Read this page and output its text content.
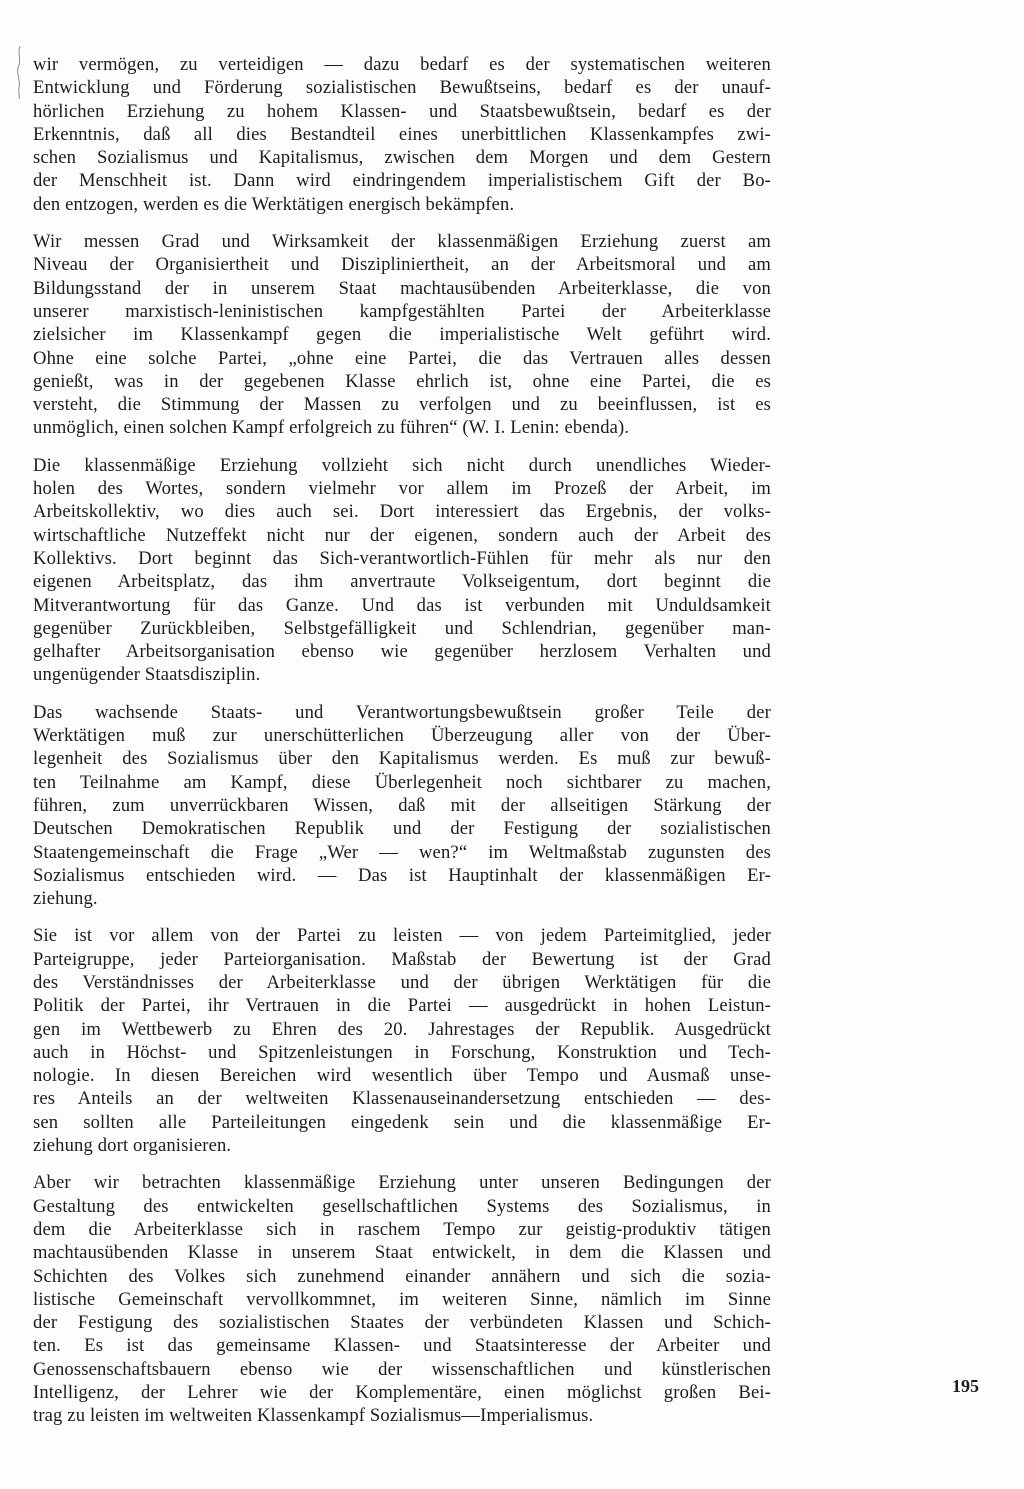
wir vermögen, zu verteidigen — dazu bedarf es der systematischen weiteren
Entwicklung und Förderung sozialistischen Bewußtseins, bedarf es der unauf-
hörlichen Erziehung zu hohem Klassen- und Staatsbewußtsein, bedarf es der
Erkenntnis, daß all dies Bestandteil eines unerbittlichen Klassenkampfes zwi-
schen Sozialismus und Kapitalismus, zwischen dem Morgen und dem Gestern
der Menschheit ist. Dann wird eindringendem imperialistischem Gift der Bo-
den entzogen, werden es die Werktätigen energisch bekämpfen.
Wir messen Grad und Wirksamkeit der klassenmäßigen Erziehung zuerst am
Niveau der Organisiertheit und Diszipliniertheit, an der Arbeitsmoral und am
Bildungsstand der in unserem Staat machtausübenden Arbeiterklasse, die von
unserer marxistisch-leninistischen kampfgestählten Partei der Arbeiterklasse
zielsicher im Klassenkampf gegen die imperialistische Welt geführt wird.
Ohne eine solche Partei, „ohne eine Partei, die das Vertrauen alles dessen
genießt, was in der gegebenen Klasse ehrlich ist, ohne eine Partei, die es
versteht, die Stimmung der Massen zu verfolgen und zu beeinflussen, ist es
unmöglich, einen solchen Kampf erfolgreich zu führen“ (W. I. Lenin: ebenda).
Die klassenmäßige Erziehung vollzieht sich nicht durch unendliches Wieder-
holen des Wortes, sondern vielmehr vor allem im Prozeß der Arbeit, im
Arbeitskollektiv, wo dies auch sei. Dort interessiert das Ergebnis, der volks-
wirtschaftliche Nutzeffekt nicht nur der eigenen, sondern auch der Arbeit des
Kollektivs. Dort beginnt das Sich-verantwortlich-Fühlen für mehr als nur den
eigenen Arbeitsplatz, das ihm anvertraute Volkseigentum, dort beginnt die
Mitverantwortung für das Ganze. Und das ist verbunden mit Unduldsamkeit
gegenüber Zurückbleiben, Selbstgefälligkeit und Schlendrian, gegenüber man-
gelhafter Arbeitsorganisation ebenso wie gegenüber herzlosem Verhalten und
ungenügender Staatsdisziplin.
Das wachsende Staats- und Verantwortungsbewußtsein großer Teile der
Werktätigen muß zur unerschütterlichen Überzeugung aller von der Über-
legenheit des Sozialismus über den Kapitalismus werden. Es muß zur bewuß-
ten Teilnahme am Kampf, diese Überlegenheit noch sichtbarer zu machen,
führen, zum unverrückbaren Wissen, daß mit der allseitigen Stärkung der
Deutschen Demokratischen Republik und der Festigung der sozialistischen
Staatengemeinschaft die Frage „Wer — wen?“ im Weltmaßstab zugunsten des
Sozialismus entschieden wird. — Das ist Hauptinhalt der klassenmäßigen Er-
ziehung.
Sie ist vor allem von der Partei zu leisten — von jedem Parteimitglied, jeder
Parteigruppe, jeder Parteiorganisation. Maßstab der Bewertung ist der Grad
des Verständnisses der Arbeiterklasse und der übrigen Werktätigen für die
Politik der Partei, ihr Vertrauen in die Partei — ausgedrückt in hohen Leistun-
gen im Wettbewerb zu Ehren des 20. Jahrestages der Republik. Ausgedrückt
auch in Höchst- und Spitzenleistungen in Forschung, Konstruktion und Tech-
nologie. In diesen Bereichen wird wesentlich über Tempo und Ausmaß unse-
res Anteils an der weltweiten Klassenauseinandersetzung entschieden — des-
sen sollten alle Parteileitungen eingedenk sein und die klassenmäßige Er-
ziehung dort organisieren.
Aber wir betrachten klassenmäßige Erziehung unter unseren Bedingungen der
Gestaltung des entwickelten gesellschaftlichen Systems des Sozialismus, in
dem die Arbeiterklasse sich in raschem Tempo zur geistig-produktiv tätigen
machtausübenden Klasse in unserem Staat entwickelt, in dem die Klassen und
Schichten des Volkes sich zunehmend einander annähern und sich die sozia-
listische Gemeinschaft vervollkommnet, im weiteren Sinne, nämlich im Sinne
der Festigung des sozialistischen Staates der verbündeten Klassen und Schich-
ten. Es ist das gemeinsame Klassen- und Staatsinteresse der Arbeiter und
Genossenschaftsbauern ebenso wie der wissenschaftlichen und künstlerischen
Intelligenz, der Lehrer wie der Komplementäre, einen möglichst großen Bei-
trag zu leisten im weltweiten Klassenkampf Sozialismus—Imperialismus.
195
